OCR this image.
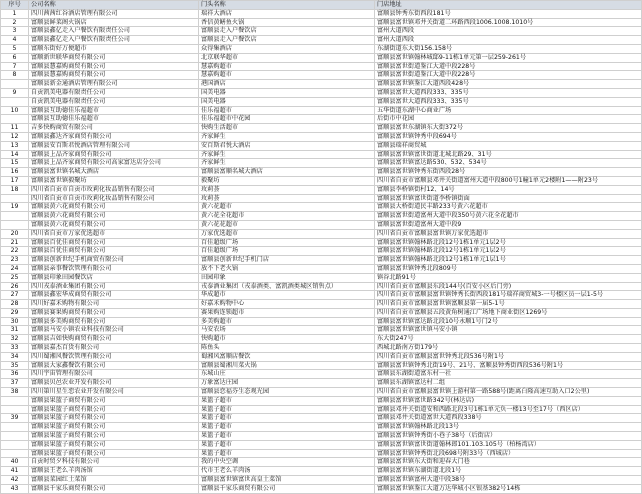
序号	公司名称	门头名称	门店地址
1	四川茜茜红谷酒店管理有限公司	瑞祥大酒店	富顺县钟秀东街西段181号
2	富顺县鲜菜阁火锅店	香信黄鳝鱼火锅	富顺县富世镇邓井关街道二环路西段1006.1008.1010号
3	富顺县鑫亿走入户餐饮有限责任公司	富顺县走入户餐饮店	富州大道西段
4	富顺县鑫亿走入户餐饮有限责任公司	富顺县走入户餐饮店	富州大道西段
5	富顺东街好万便超市	众得集酒店	东湖街道东大街156.158号
6	富顺新世联华商贸有限公司	北京联华超市	富顺县富世镇翰林城邸9-11栋1单元第一层259-261号
7	富顺县慧嘉购商贸有限公司	慧嘉购超市	富顺县富世街道鉴江大道中段228号
8	富顺县慧嘉购商贸有限公司	慧嘉购超市	富顺县富世街道鉴江大道中段228号
	富顺县新金通酒店管理有限公司	港国酒店	富顺县富世镇鉴江大道西段428号
9	自贡凯美电器有限责任公司	国美电器	富顺县富世大道西段333、335号
	自贡凯美电器有限责任公司	国美电器	富顺县富世大道西段333、335号
10	富顺县互助德佳乐福超市	佳乐福超市	五华街道东湖中心商业广场
	富顺县互助德佳乐福超市	佳乐福超市中花园	后街市中花园
11	吉多快购商贸有限公司	快购生活超市	富顺县富世东湖镇东大街372号
12	富顺县鑫达齐家商贸有限公司	齐家鲜生	富顺县富世镇钟秀中段694号
13	富顺县安百斯君悦酒店管理有限公司	安百斯君悦大酒店	富顺县瑞祥商贸城
14	富顺县上品齐家商贸有限公司	齐家鲜生	富顺县富世镇富世街道北城北路29、31号
15	富顺县上品齐家商贸有限公司高家富达店分公司	齐家鲜生	富顺县富世镇富达路530、532、534号
16	富顺县富世镇名城大酒店	富顺县富顺名城大酒店	富顺县富世镇钟秀东街西段28号
17	富顺县富世镇毅聚坊	毅聚坊	四川省自贡市富顺县邓井关街道富州大道中段800号1幢1单元2楼附1——附23号
18	四川省自贡市自贡市玫莉化妆品销售有限公司	玫莉荟	富顺县李桥镇街村12、14号
	四川省自贡市自贡市玫莉化妆品销售有限公司	玫莉荟	富顺县富世镇富世街道李桥镇街面
19	富顺县黄六花商贸有限公司	黄六花超市	富顺县大桥街道民丰路233号黄六花超市
	富顺县黄六花商贸有限公司	黄六花全花超市	富顺县富世街道富州大道中段350号黄六花全花超市
	富顺县黄六花商贸有限公司	黄六花花超市	富顺县富世街道富州大道中段9
20	四川省自贡市万家优选超市	万家优选超市	四川省自贡市富顺县富世镇万家优选超市
21	富顺县百优佳商贸有限公司	百佳超级广场	富顺县富世镇翰林路北段12号1栋1单元1层2号
22	富顺县百优佳商贸有限公司	百佳超级广场	富顺县富世镇翰林路北段12号1栋1单元1层2号
23	富顺县创新世纪手机商贸有限公司	富顺县创新世纪手机门店	富顺县富世镇翰林路北段12号1栋1单元1层1号
24	富顺县亲事餐饮管理有限公司	放不下老火锅	富顺县富世镇钟秀北段809号
25	富顺县印象田园餐饮店	田园印象	镇谷北路91号
26	四川戎泰酒业集团有限公司	戎泰酒业集团（戎泰酒类、富凯酒类城区销售点）	四川省自贡市富顺县东段144号(百安小区后门旁)
27	富顺县鑫宏华成商贸有限公司	华成超市	四川省自贡市富顺县富世镇钟秀长街西段181号瑞祥商贸城3-一号楼区员一层1-5号
28	四川好嘉禾购物有限公司	好嘉禾购物中心	四川省自贡市富顺县富世镇富顺县第一届5-1号
29	富顺县赛果购商贸有限公司	赛果购连锁超市	四川省自贡市富顺县五段黄角树通江广场地下商业街区1269号
30	富顺县多美购商贸有限公司	多美购超市	富顺县富世镇富达路北段10号永顺1号门2号
31	富顺县马安小镇农业科技有限公司	马安农场	富顺县富世镇富世镇马安小镇
32	富顺县吉如快购商贸有限公司	快购超市	东大街247号
33	富顺县嘉杰百货有限公司	陈鱼头	西城北路南方街179号
34	四川蜀湘风餐饮管理有限公司	蜀湘风富顺店餐饮	四川省自贡市富顺县富世钟秀北段536号附1号
35	富顺县大家鑫餐饮有限公司	富顺县蜀湘川菜火锅	富顺县富世镇钟秀北街19号、21号、富顺县钟秀街西段536号附1号
36	四川宇宙管理有限公司	东城山庄	富顺县东湖街道富东村一社
37	富顺县贝邑农业开发有限公司	万象富达庄园	富顺县东湖镇富达村二组
38	四川第川星生恋农业开发有限公司	富顺县恋福芬生态观光园	四川省自贡市富顺县富世镇上游村第一路588号(距离白隆高速互助入口2公里)
	富顺县果篮子商贸有限公司	果篮子超市	富顺县富世镇富世路342号(林达店)
	富顺县果篮子商贸有限公司	果篮子超市	富顺县邓井关街道安和西路北段3号1栋1单元负一楼13号至17号（西区店）
39	富顺县果篮子商贸有限公司	果篮子超市	富顺县邓井关街道富世大道西段338号
	富顺县果篮子商贸有限公司	果篮子超市	富顺县富世镇翰林路北段13号
	富顺县果篮子商贸有限公司	果篮子超市	富顺县富世镇钟秀街小巷子38号（后街店）
	富顺县果篮子商贸有限公司	果篮子超市	富顺县富世镇富世街道翰林郎101.103.105号（柏杨湾店）
	富顺县果篮子商贸有限公司	果篮子超市	富顺县富世镇钟秀街北段698号附33号（西城店）
40	自贡时贸夕科技有限公司	我的中央空调	富顺县富世镇东大街和迎春大门巷
41	富顺县王老么羊肉汤馆	代市王老么羊肉汤	富顺县富世镇东湖街道北段1号
42	富顺县菜园红土菜馆	富顺县富世镇富世高皇土菜馆	富顺县富世镇富州大道中段38号
43	富顺县千家乐商贸有限公司	富顺县千家乐商贸有限公司	富顺县富世镇鉴江大道万达华城小区银基382号14栋
